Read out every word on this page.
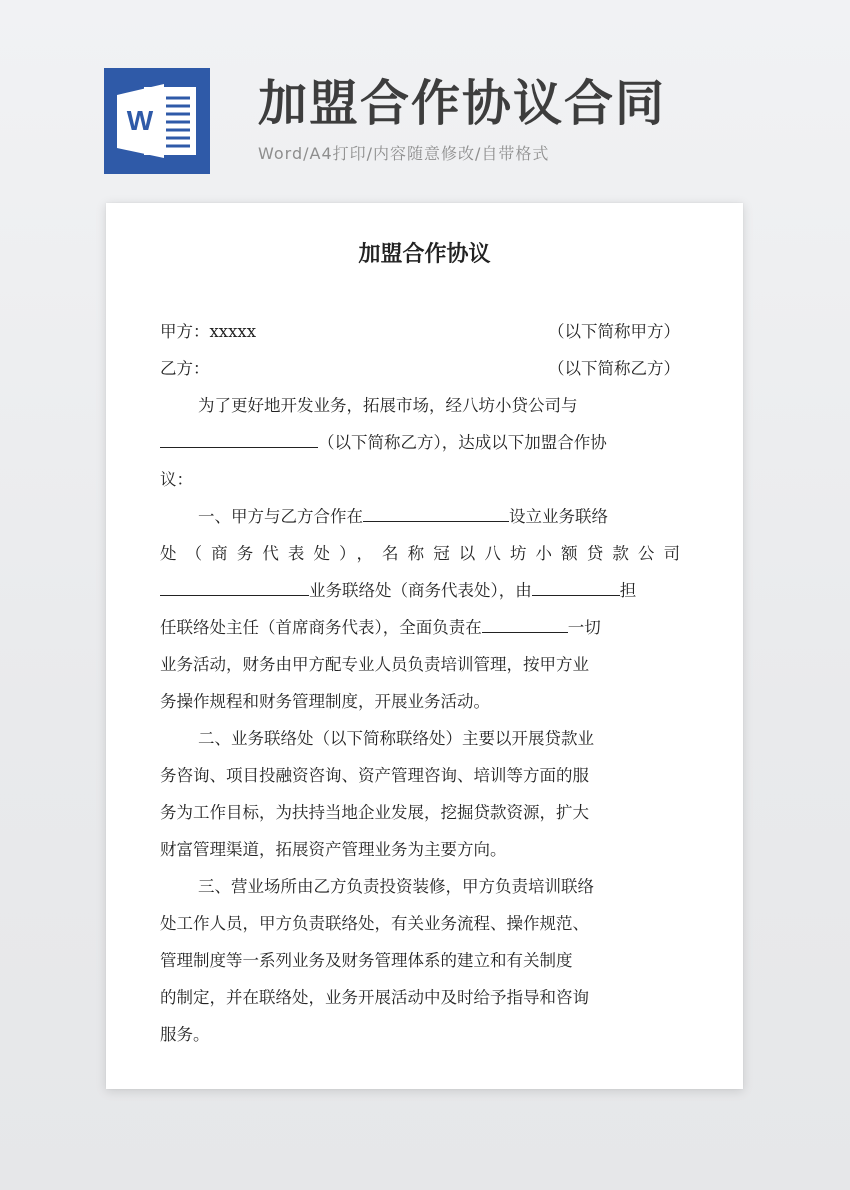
W 加盟合作协议合同
Word/A4打印/内容随意修改/自带格式
加盟合作协议
甲方：xxxxx	（以下简称甲方）
乙方：	（以下简称乙方）
为了更好地开发业务，拓展市场，经八坊小贷公司与
（以下简称乙方），达成以下加盟合作协
议：
一、甲方与乙方合作在	设立业务联络
处（商务代表处），名称冠以八坊小额贷款公司
业务联络处（商务代表处），由	担
任联络处主任（首席商务代表），全面负责在	一切
业务活动，财务由甲方配专业人员负责培训管理，按甲方业
务操作规程和财务管理制度，开展业务活动。
二、业务联络处（以下简称联络处）主要以开展贷款业
务咨询、项目投融资咨询、资产管理咨询、培训等方面的服
务为工作目标，为扶持当地企业发展，挖掘贷款资源，扩大
财富管理渠道，拓展资产管理业务为主要方向。
三、营业场所由乙方负责投资装修，甲方负责培训联络
处工作人员，甲方负责联络处，有关业务流程、操作规范、
管理制度等一系列业务及财务管理体系的建立和有关制度
的制定，并在联络处，业务开展活动中及时给予指导和咨询
服务。
